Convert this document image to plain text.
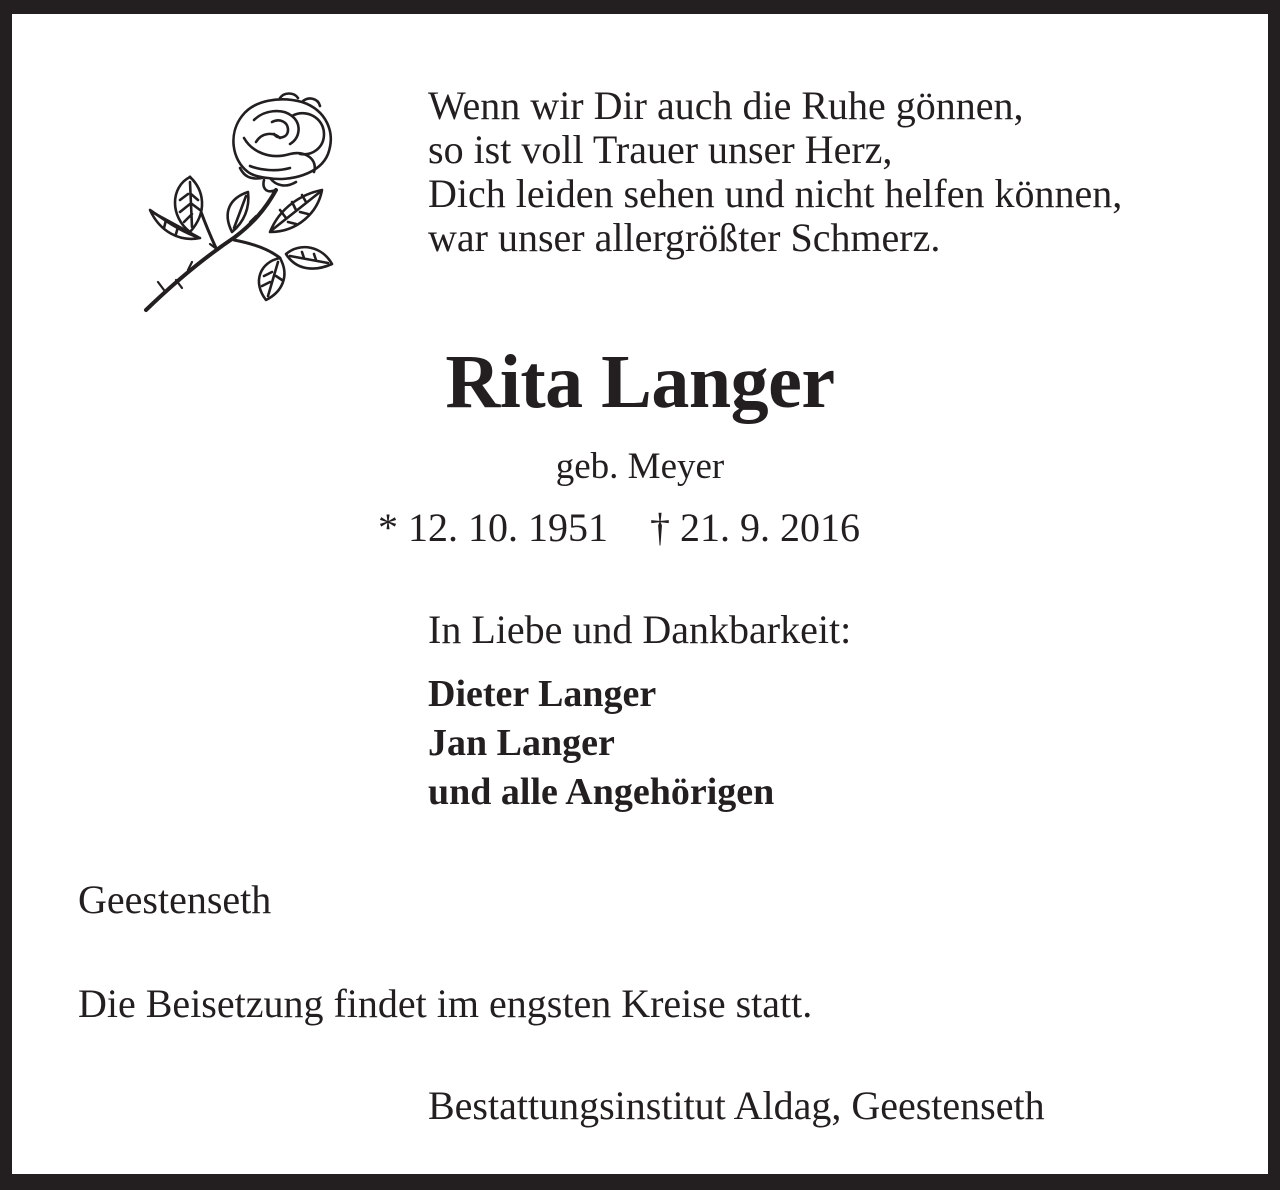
Wenn wir Dir auch die Ruhe gönnen,
so ist voll Trauer unser Herz,
Dich leiden sehen und nicht helfen können,
war unser allergrößter Schmerz.

Rita Langer
geb. Meyer
* 12. 10. 1951 † 21. 9. 2016
In Liebe und Dankbarkeit:
Dieter Langer
Jan Langer
und alle Angehörigen
Geestenseth
Die Beisetzung findet im engsten Kreise statt.
Bestattungsinstitut Aldag, Geestenseth
